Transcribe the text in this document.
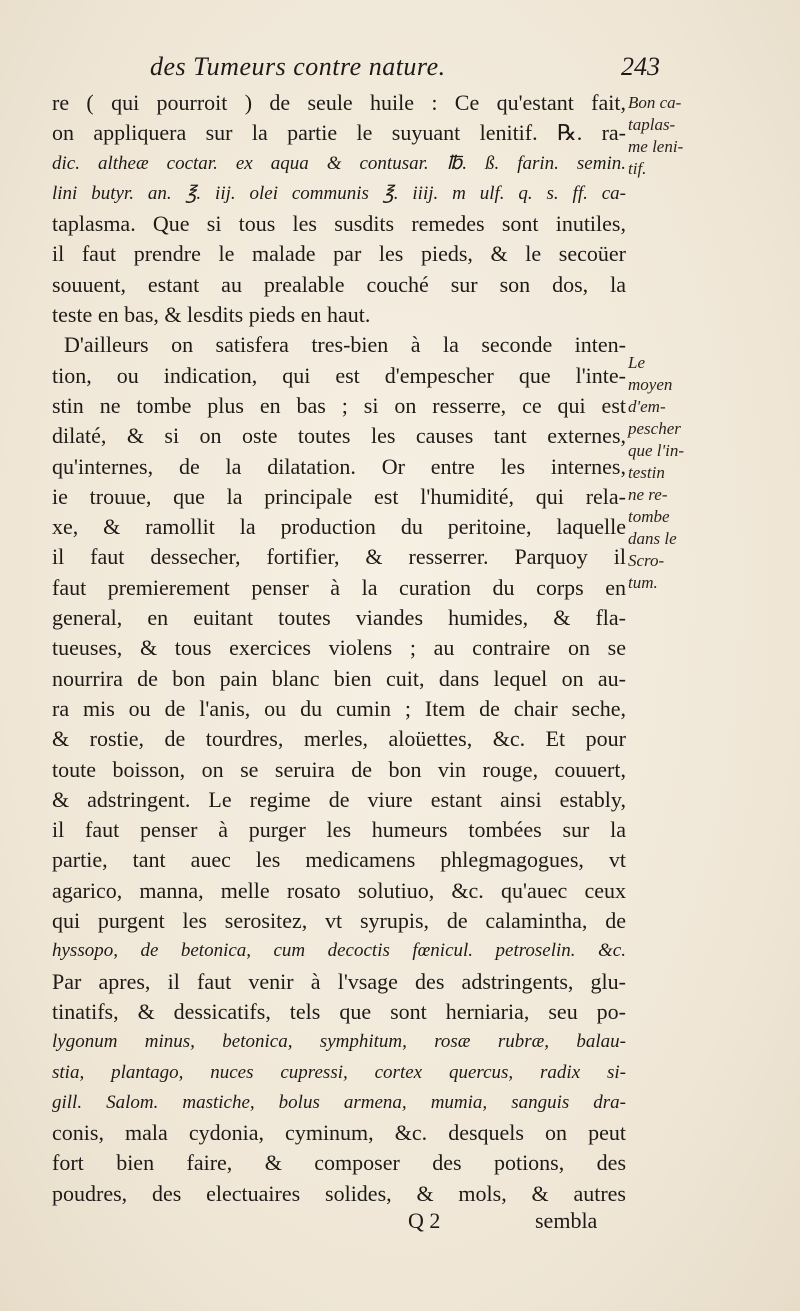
des Tumeurs contre nature.	243
re ( qui pourroit ) de seule huile : Ce qu'estant fait,
on appliquera sur la partie le suyuant lenitif. ℞. ra-
dic. altheæ coctar. ex aqua & contusar. ℔. ß. farin. semin.
lini butyr. an. ℥. iij. olei communis ℥. iiij. m ulf. q. s. ff. ca-
taplasma. Que si tous les susdits remedes sont inutiles,
il faut prendre le malade par les pieds, & le secoüer
souuent, estant au prealable couché sur son dos, la
teste en bas, & lesdits pieds en haut.
D'ailleurs on satisfera tres-bien à la seconde inten-
tion, ou indication, qui est d'empescher que l'inte-
stin ne tombe plus en bas ; si on resserre, ce qui est
dilaté, & si on oste toutes les causes tant externes,
qu'internes, de la dilatation. Or entre les internes,
ie trouue, que la principale est l'humidité, qui rela-
xe, & ramollit la production du peritoine, laquelle
il faut dessecher, fortifier, & resserrer. Parquoy il
faut premierement penser à la curation du corps en
general, en euitant toutes viandes humides, & fla-
tueuses, & tous exercices violens ; au contraire on se
nourrira de bon pain blanc bien cuit, dans lequel on au-
ra mis ou de l'anis, ou du cumin ; Item de chair seche,
& rostie, de tourdres, merles, aloüettes, &c. Et pour
toute boisson, on se seruira de bon vin rouge, couuert,
& adstringent. Le regime de viure estant ainsi estably,
il faut penser à purger les humeurs tombées sur la
partie, tant auec les medicamens phlegmagogues, vt
agarico, manna, melle rosato solutiuo, &c. qu'auec ceux
qui purgent les serositez, vt syrupis, de calamintha, de
hyssopo, de betonica, cum decoctis fœnicul. petroselin. &c.
Par apres, il faut venir à l'vsage des adstringents, glu-
tinatifs, & dessicatifs, tels que sont herniaria, seu po-
lygonum minus, betonica, symphitum, rosæ rubræ, balau-
stia, plantago, nuces cupressi, cortex quercus, radix si-
gill. Salom. mastiche, bolus armena, mumia, sanguis dra-
conis, mala cydonia, cyminum, &c. desquels on peut
fort bien faire, & composer des potions, des
poudres, des electuaires solides, & mols, & autres
Bon ca-
taplas-
me leni-
tif.
Le
moyen
d'em-
pescher
que l'in-
testin
ne re-
tombe
dans le
Scro-
tum.
Q 2	sembla
